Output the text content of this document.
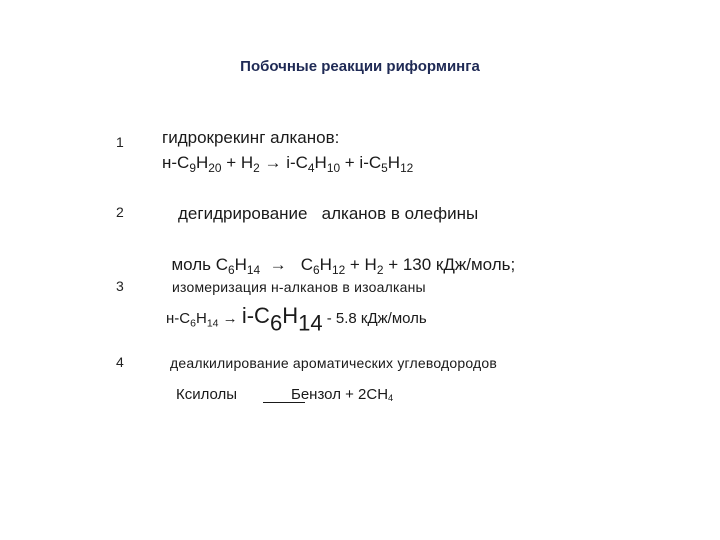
Побочные реакции риформинга
1 гидрокрекинг алканов:
$н-C_9H_{20} + H_2 \to i-C_4H_{10} + i-C_5H_{12}$
2	дегидрирование   алканов в олефины

моль $C_6H_{14} \to C_6H_{12} + H_2 + 130$ кДж/моль;

3	изомеризация н-алканов в изоалканы
$н-C_6H_{14} \to i-C_6H_{14} - 5.8$ кДж/моль
4	деалкилирование ароматических углеводородов
Ксилолы	Бензол + $2CH_4$
